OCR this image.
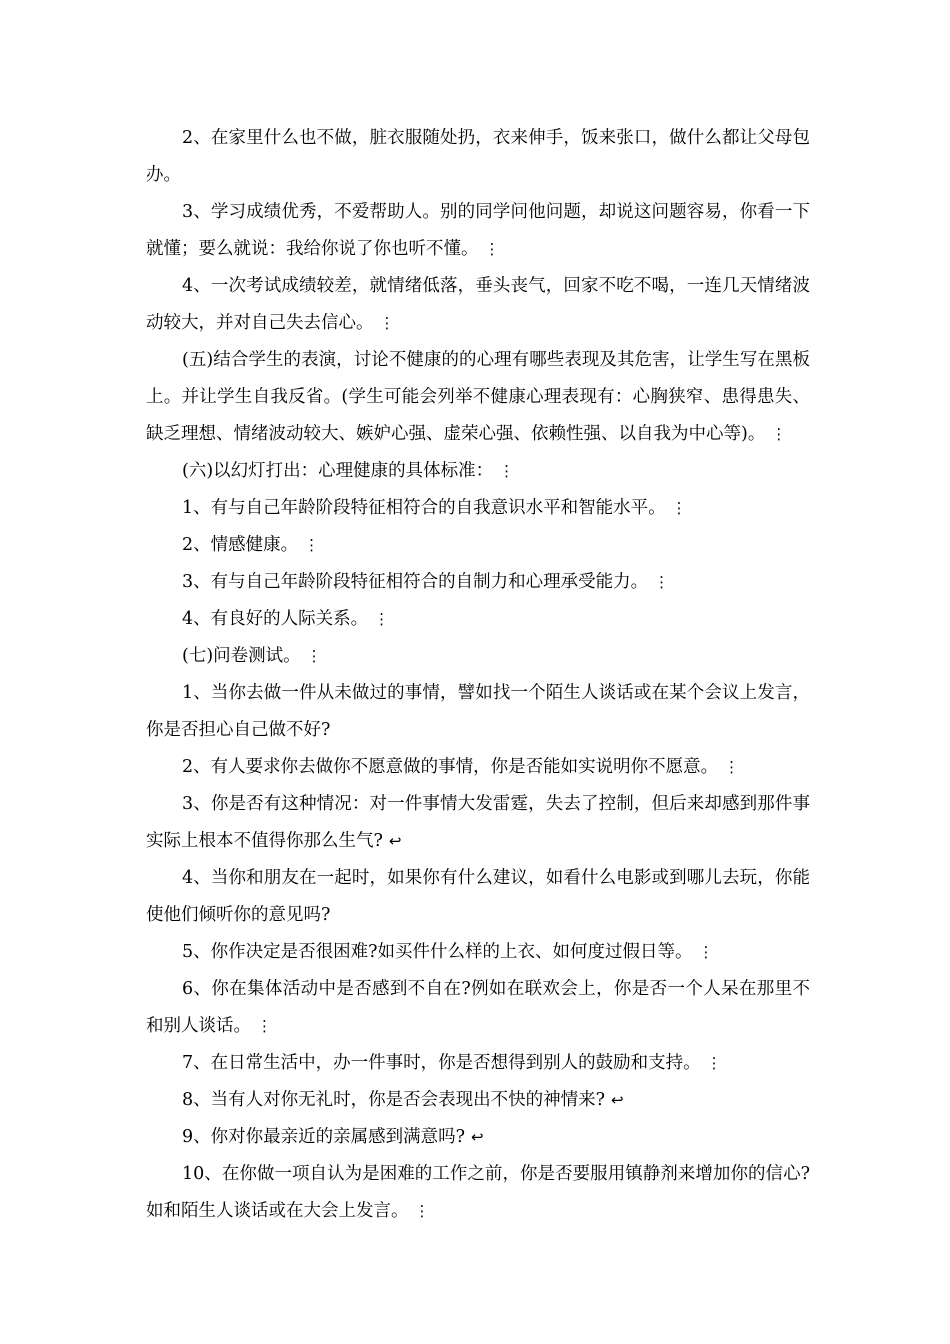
2、在家里什么也不做，脏衣服随处扔，衣来伸手，饭来张口，做什么都让父母包办。

3、学习成绩优秀，不爱帮助人。别的同学问他问题，却说这问题容易，你看一下就懂；要么就说：我给你说了你也听不懂。 ⋮

4、一次考试成绩较差，就情绪低落，垂头丧气，回家不吃不喝，一连几天情绪波动较大，并对自己失去信心。 ⋮

(五)结合学生的表演，讨论不健康的的心理有哪些表现及其危害，让学生写在黑板上。并让学生自我反省。(学生可能会列举不健康心理表现有：心胸狭窄、患得患失、缺乏理想、情绪波动较大、嫉妒心强、虚荣心强、依赖性强、以自我为中心等)。 ⋮

(六)以幻灯打出：心理健康的具体标准： ⋮

1、有与自己年龄阶段特征相符合的自我意识水平和智能水平。 ⋮

2、情感健康。 ⋮

3、有与自己年龄阶段特征相符合的自制力和心理承受能力。 ⋮

4、有良好的人际关系。 ⋮

(七)问卷测试。 ⋮

1、当你去做一件从未做过的事情，譬如找一个陌生人谈话或在某个会议上发言，你是否担心自己做不好?

2、有人要求你去做你不愿意做的事情，你是否能如实说明你不愿意。 ⋮

3、你是否有这种情况：对一件事情大发雷霆，失去了控制，但后来却感到那件事实际上根本不值得你那么生气? ↩

4、当你和朋友在一起时，如果你有什么建议，如看什么电影或到哪儿去玩，你能使他们倾听你的意见吗?

5、你作决定是否很困难?如买件什么样的上衣、如何度过假日等。 ⋮

6、你在集体活动中是否感到不自在?例如在联欢会上，你是否一个人呆在那里不和别人谈话。 ⋮

7、在日常生活中，办一件事时，你是否想得到别人的鼓励和支持。 ⋮

8、当有人对你无礼时，你是否会表现出不快的神情来? ↩

9、你对你最亲近的亲属感到满意吗? ↩

10、在你做一项自认为是困难的工作之前，你是否要服用镇静剂来增加你的信心?如和陌生人谈话或在大会上发言。 ⋮
